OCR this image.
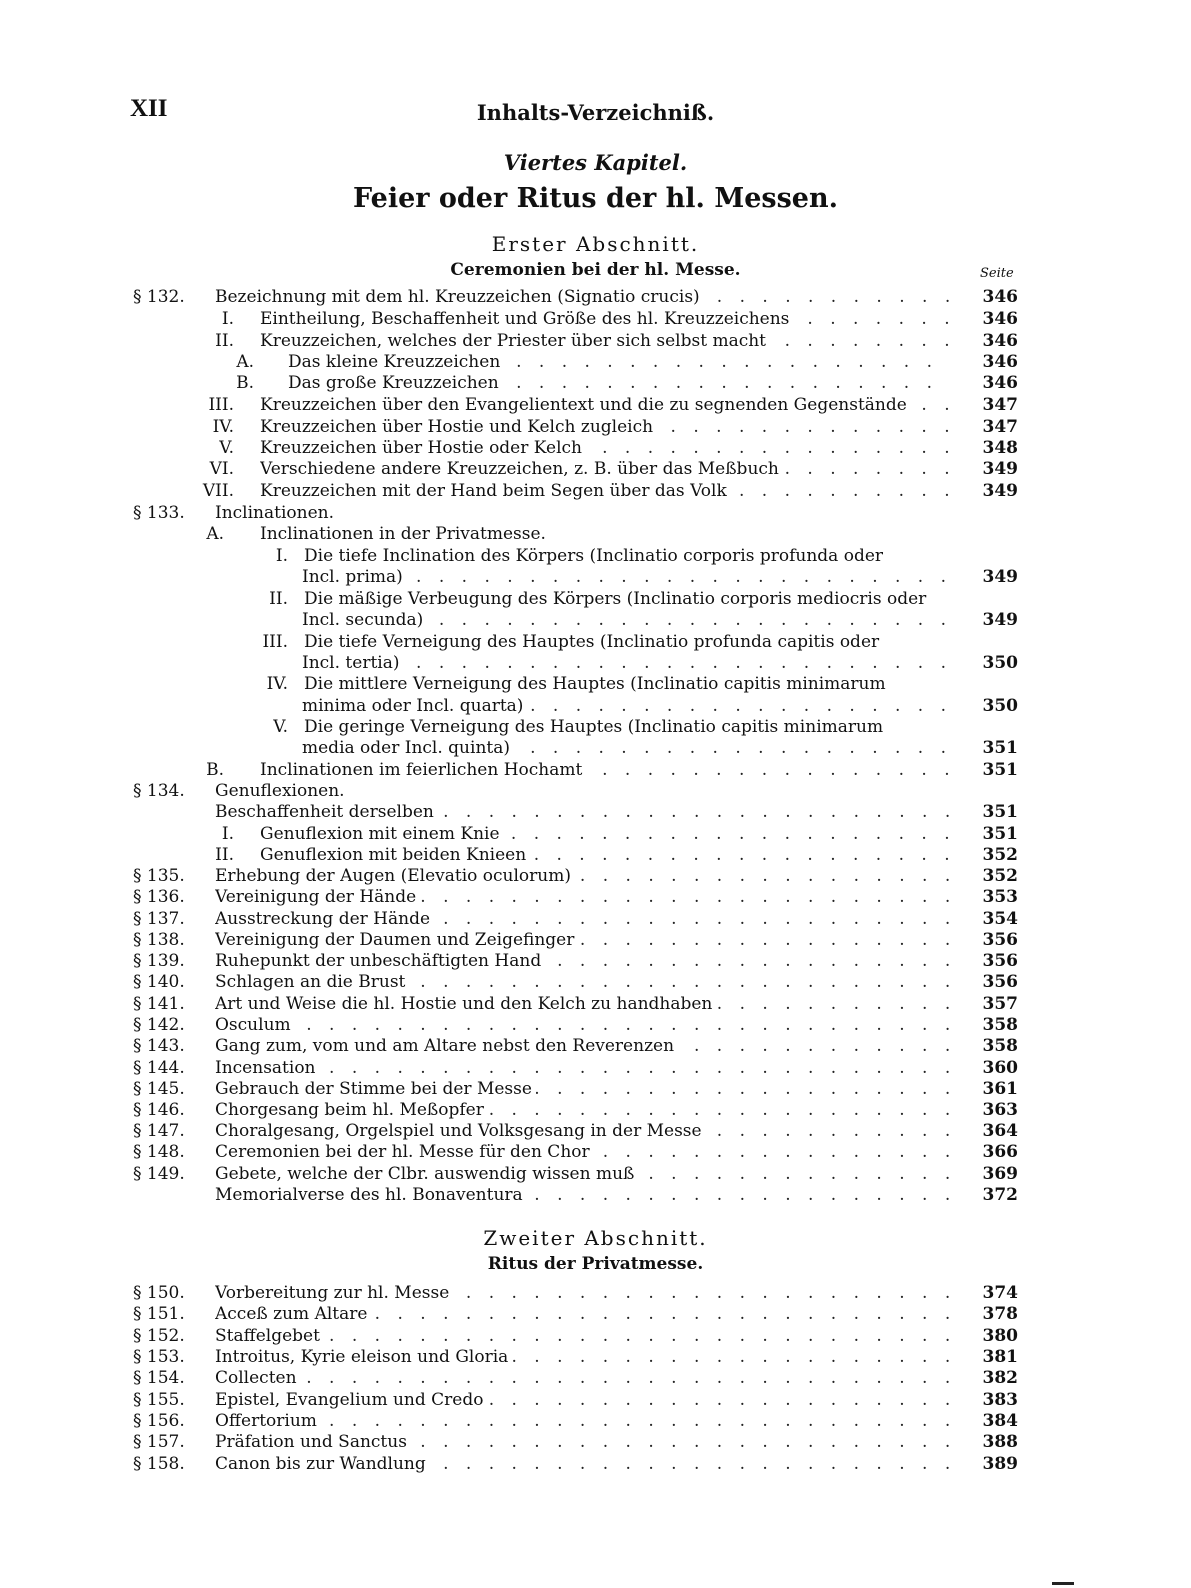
XII	Inhalts-Verzeichniß.
Viertes Kapitel.
Feier oder Ritus der hl. Messen.
Erster Abschnitt.
Ceremonien bei der hl. Messe.	Seite
§ 132.	Bezeichnung mit dem hl. Kreuzzeichen (Signatio crucis) . . .	346
I. Eintheilung, Beschaffenheit und Größe des hl. Kreuzzeichens . . .	346
II. Kreuzzeichen, welches der Priester über sich selbst macht . . .	346
A. Das kleine Kreuzzeichen . . .	346
B. Das große Kreuzzeichen . . .	346
III. Kreuzzeichen über den Evangelientext und die zu segnenden Gegenstände . . .	347
IV. Kreuzzeichen über Hostie und Kelch zugleich . . .	347
V. Kreuzzeichen über Hostie oder Kelch . . .	348
VI. Verschiedene andere Kreuzzeichen, z. B. über das Meßbuch . . .	349
VII. Kreuzzeichen mit der Hand beim Segen über das Volk . . .	349
§ 133.	Inclinationen.
A. Inclinationen in der Privatmesse.
I. Die tiefe Inclination des Körpers (Inclinatio corporis profunda oder
Incl. prima) . . .	349
II. Die mäßige Verbeugung des Körpers (Inclinatio corporis mediocris oder
Incl. secunda) . . .	349
III. Die tiefe Verneigung des Hauptes (Inclinatio profunda capitis oder
Incl. tertia) . . .	350
IV. Die mittlere Verneigung des Hauptes (Inclinatio capitis minimarum
minima oder Incl. quarta) . . .	350
V. Die geringe Verneigung des Hauptes (Inclinatio capitis minimarum
media oder Incl. quinta) . . .	351
B. Inclinationen im feierlichen Hochamt . . .	351
§ 134.	Genuflexionen.
Beschaffenheit derselben . . .	351
I. Genuflexion mit einem Knie . . .	351
II. Genuflexion mit beiden Knieen . . .	352
§ 135.	Erhebung der Augen (Elevatio oculorum) . . .	352
§ 136.	Vereinigung der Hände . . .	353
§ 137.	Ausstreckung der Hände . . .	354
§ 138.	Vereinigung der Daumen und Zeigefinger . . .	356
§ 139.	Ruhepunkt der unbeschäftigten Hand . . .	356
§ 140.	Schlagen an die Brust . . .	356
§ 141.	Art und Weise die hl. Hostie und den Kelch zu handhaben . . .	357
§ 142.	Osculum . . .	358
§ 143.	Gang zum, vom und am Altare nebst den Reverenzen . . .	358
§ 144.	Incensation . . .	360
§ 145.	Gebrauch der Stimme bei der Messe . . .	361
§ 146.	Chorgesang beim hl. Meßopfer . . .	363
§ 147.	Choralgesang, Orgelspiel und Volksgesang in der Messe . . .	364
§ 148.	Ceremonien bei der hl. Messe für den Chor . . .	366
§ 149.	Gebete, welche der Clbr. auswendig wissen muß . . .	369
Memorialverse des hl. Bonaventura . . .	372
Zweiter Abschnitt.
Ritus der Privatmesse.
§ 150.	Vorbereitung zur hl. Messe . . .	374
§ 151.	Acceß zum Altare . . .	378
§ 152.	Staffelgebet . . .	380
§ 153.	Introitus, Kyrie eleison und Gloria . . .	381
§ 154.	Collecten . . .	382
§ 155.	Epistel, Evangelium und Credo . . .	383
§ 156.	Offertorium . . .	384
§ 157.	Präfation und Sanctus . . .	388
§ 158.	Canon bis zur Wandlung . . .	389
